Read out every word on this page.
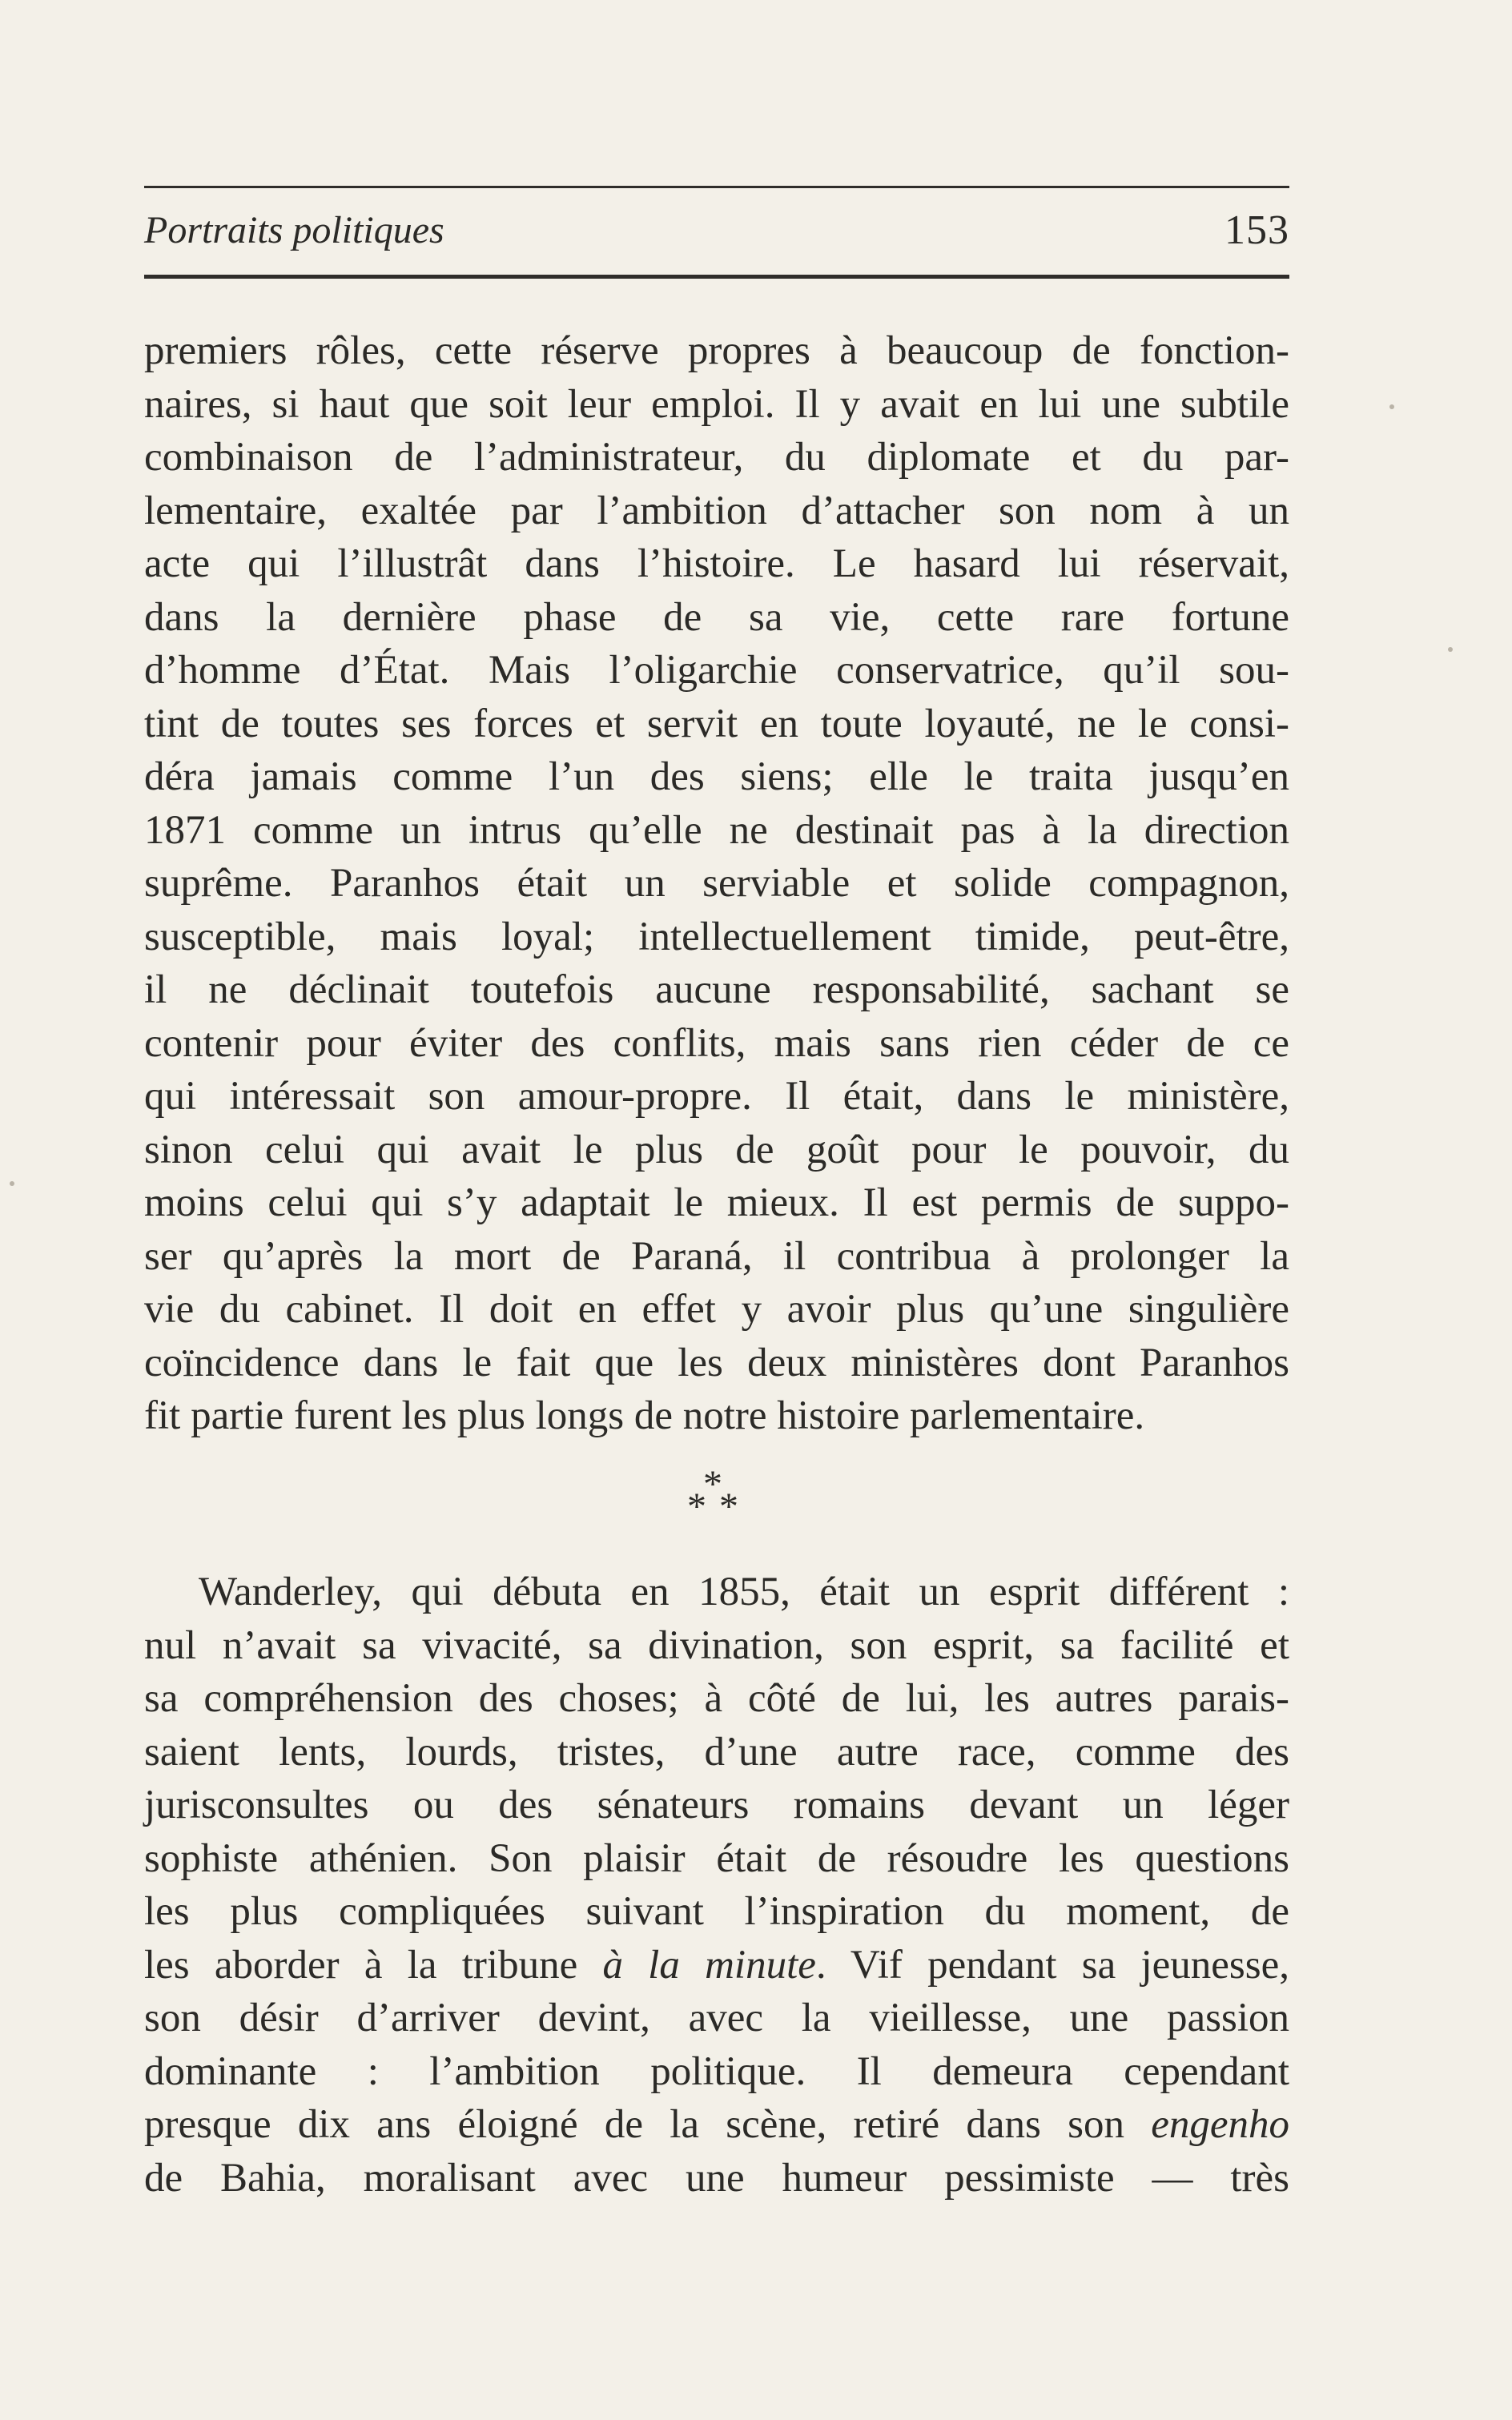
Portraits politiques	153
premiers rôles, cette réserve propres à beaucoup de fonction-
naires, si haut que soit leur emploi. Il y avait en lui une subtile
combinaison de l’administrateur, du diplomate et du par-
lementaire, exaltée par l’ambition d’attacher son nom à un
acte qui l’illustrât dans l’histoire. Le hasard lui réservait,
dans la dernière phase de sa vie, cette rare fortune
d’homme d’État. Mais l’oligarchie conservatrice, qu’il sou-
tint de toutes ses forces et servit en toute loyauté, ne le consi-
déra jamais comme l’un des siens; elle le traita jusqu’en
1871 comme un intrus qu’elle ne destinait pas à la direction
suprême. Paranhos était un serviable et solide compagnon,
susceptible, mais loyal; intellectuellement timide, peut-être,
il ne déclinait toutefois aucune responsabilité, sachant se
contenir pour éviter des conflits, mais sans rien céder de ce
qui intéressait son amour-propre. Il était, dans le ministère,
sinon celui qui avait le plus de goût pour le pouvoir, du
moins celui qui s’y adaptait le mieux. Il est permis de suppo-
ser qu’après la mort de Paraná, il contribua à prolonger la
vie du cabinet. Il doit en effet y avoir plus qu’une singulière
coïncidence dans le fait que les deux ministères dont Paranhos
fit partie furent les plus longs de notre histoire parlementaire.
*
* *
Wanderley, qui débuta en 1855, était un esprit différent :
nul n’avait sa vivacité, sa divination, son esprit, sa facilité et
sa compréhension des choses; à côté de lui, les autres parais-
saient lents, lourds, tristes, d’une autre race, comme des
jurisconsultes ou des sénateurs romains devant un léger
sophiste athénien. Son plaisir était de résoudre les questions
les plus compliquées suivant l’inspiration du moment, de
les aborder à la tribune à la minute. Vif pendant sa jeunesse,
son désir d’arriver devint, avec la vieillesse, une passion
dominante : l’ambition politique. Il demeura cependant
presque dix ans éloigné de la scène, retiré dans son engenho
de Bahia, moralisant avec une humeur pessimiste — très
